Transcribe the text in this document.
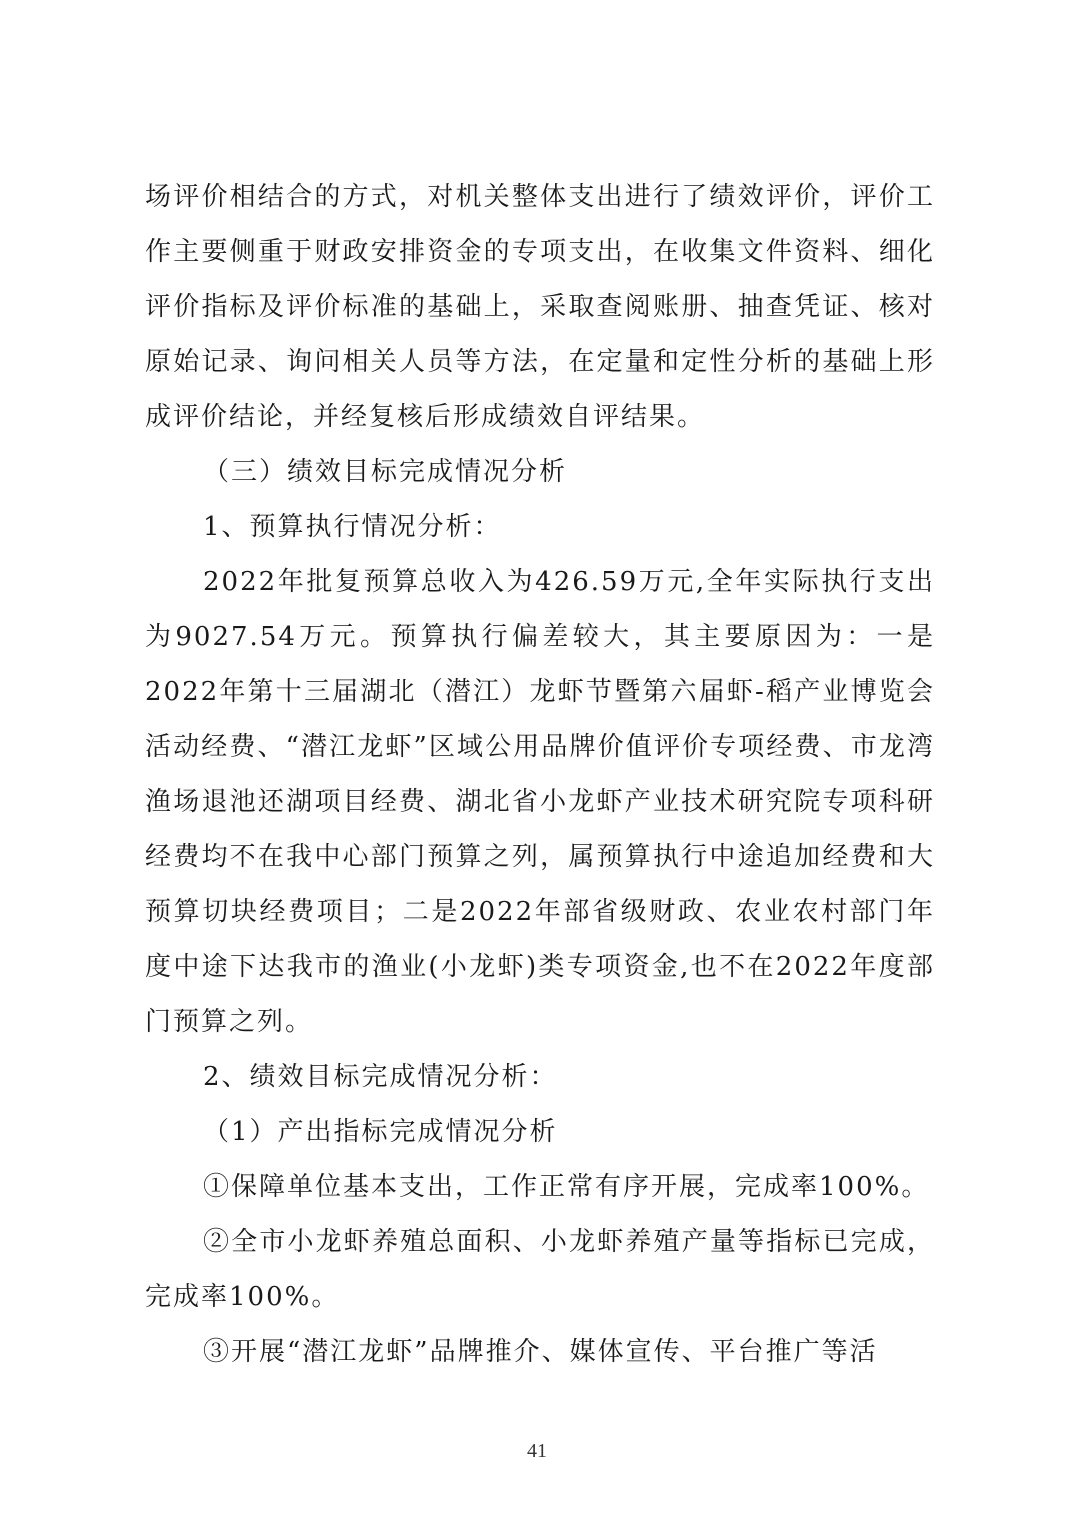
场评价相结合的方式，对机关整体支出进行了绩效评价，评价工作主要侧重于财政安排资金的专项支出，在收集文件资料、细化评价指标及评价标准的基础上，采取查阅账册、抽查凭证、核对原始记录、询问相关人员等方法，在定量和定性分析的基础上形成评价结论，并经复核后形成绩效自评结果。

（三）绩效目标完成情况分析

1、预算执行情况分析：

2022年批复预算总收入为426.59万元,全年实际执行支出为9027.54万元。预算执行偏差较大，其主要原因为：一是2022年第十三届湖北（潜江）龙虾节暨第六届虾-稻产业博览会活动经费、“潜江龙虾”区域公用品牌价值评价专项经费、市龙湾渔场退池还湖项目经费、湖北省小龙虾产业技术研究院专项科研经费均不在我中心部门预算之列，属预算执行中途追加经费和大预算切块经费项目；二是2022年部省级财政、农业农村部门年度中途下达我市的渔业(小龙虾)类专项资金,也不在2022年度部门预算之列。

2、绩效目标完成情况分析：

（1）产出指标完成情况分析

①保障单位基本支出，工作正常有序开展，完成率100%。

②全市小龙虾养殖总面积、小龙虾养殖产量等指标已完成，完成率100%。

③开展“潜江龙虾”品牌推介、媒体宣传、平台推广等活

41
